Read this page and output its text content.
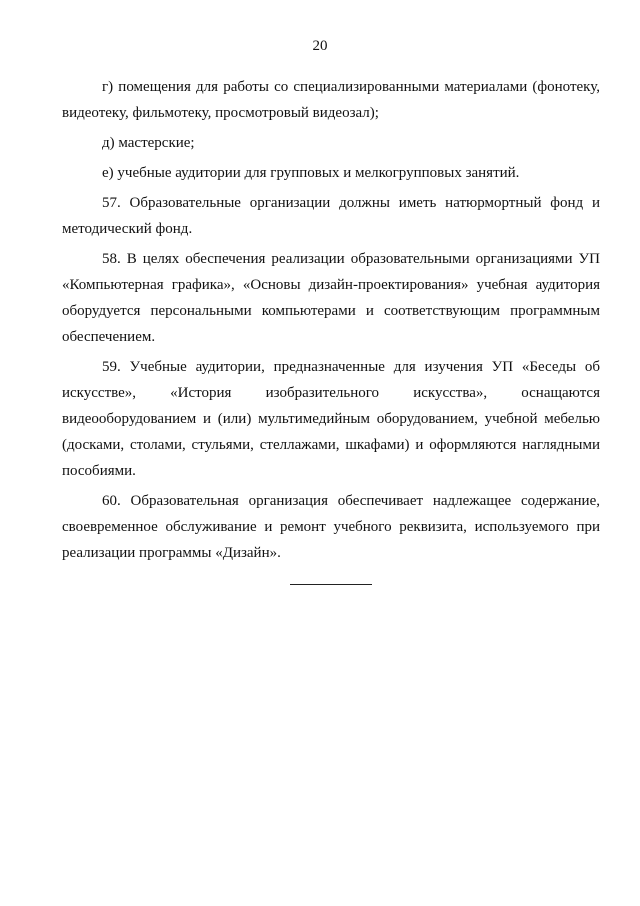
20

г) помещения для работы со специализированными материалами (фонотеку, видеотеку, фильмотеку, просмотровый видеозал);

д) мастерские;

е) учебные аудитории для групповых и мелкогрупповых занятий.

57. Образовательные организации должны иметь натюрмортный фонд и методический фонд.

58. В целях обеспечения реализации образовательными организациями УП «Компьютерная графика», «Основы дизайн-проектирования» учебная аудитория оборудуется персональными компьютерами и соответствующим программным обеспечением.

59. Учебные аудитории, предназначенные для изучения УП «Беседы об искусстве», «История изобразительного искусства», оснащаются видеооборудованием и (или) мультимедийным оборудованием, учебной мебелью (досками, столами, стульями, стеллажами, шкафами) и оформляются наглядными пособиями.

60. Образовательная организация обеспечивает надлежащее содержание, своевременное обслуживание и ремонт учебного реквизита, используемого при реализации программы «Дизайн».
